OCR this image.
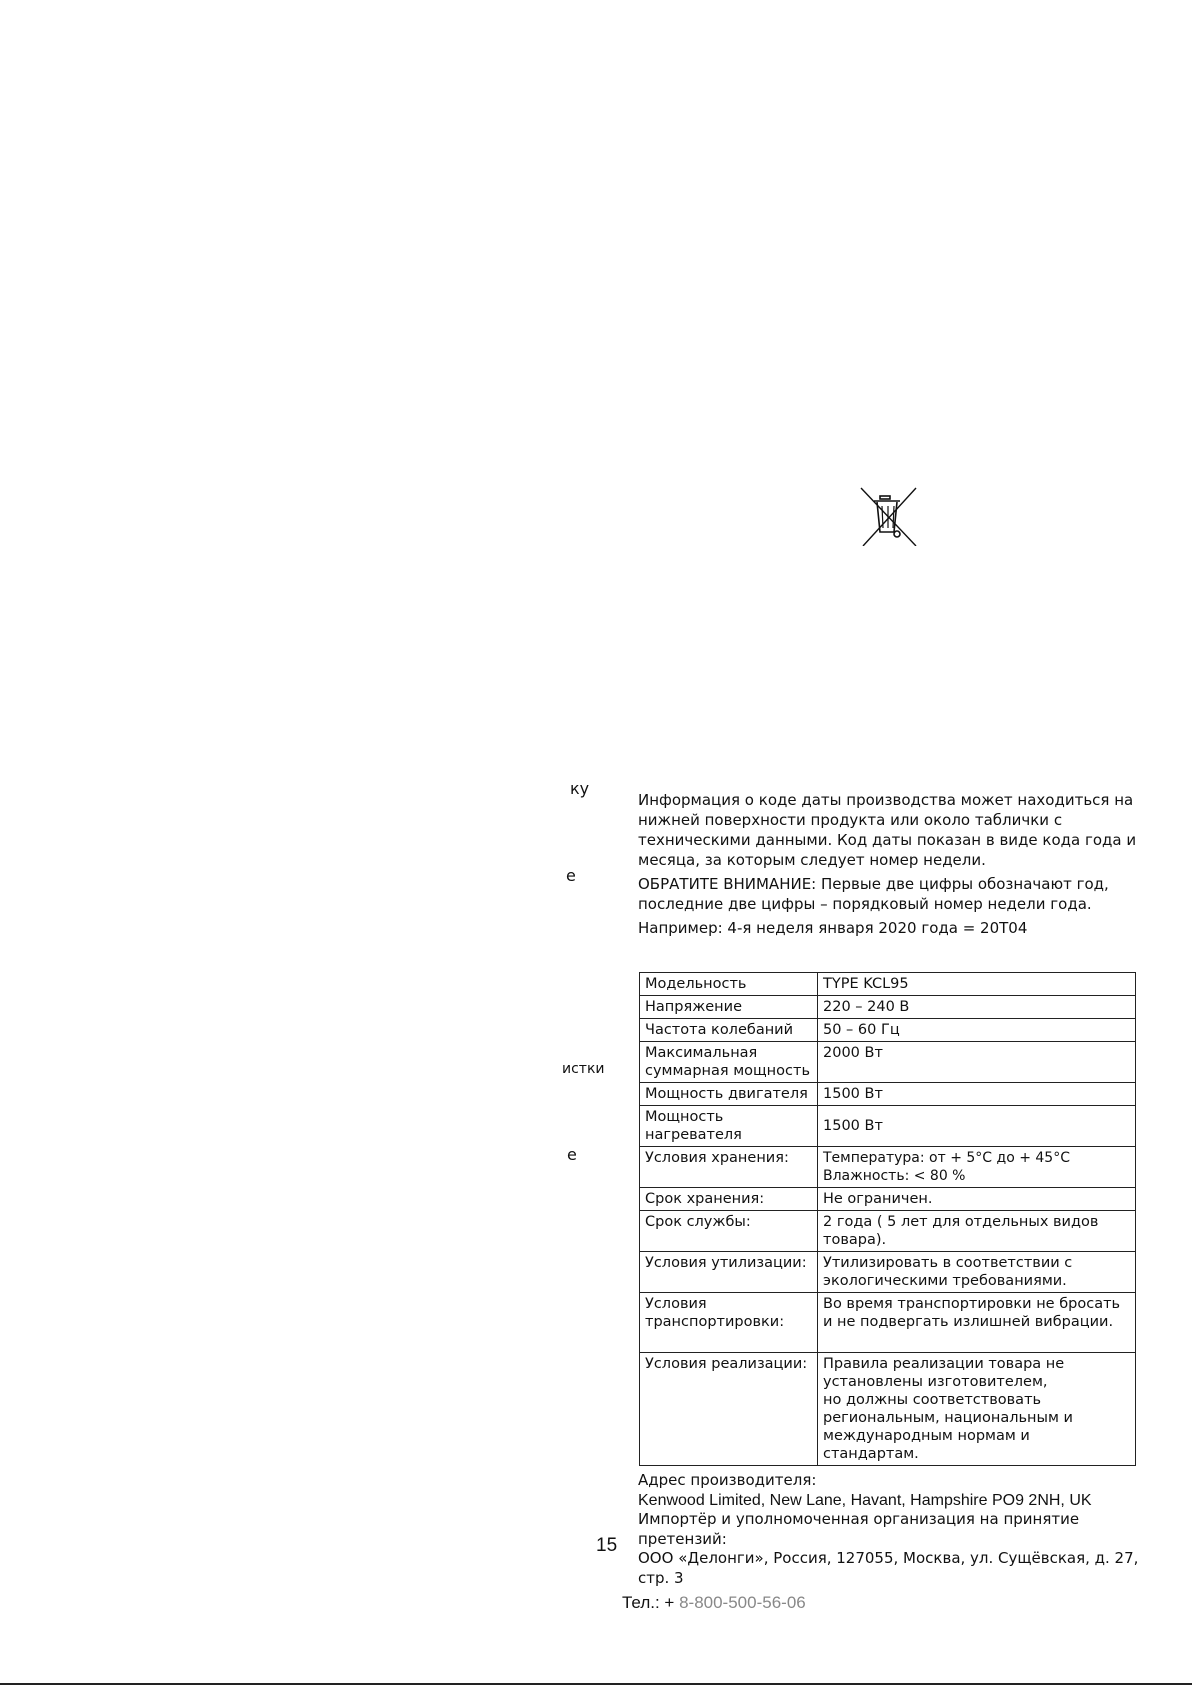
ку
е
истки
е

Информация о коде даты производства может находиться на нижней поверхности продукта или около таблички с техническими данными. Код даты показан в виде кода года и месяца, за которым следует номер недели.

ОБРАТИТЕ ВНИМАНИЕ: Первые две цифры обозначают год, последние две цифры – порядковый номер недели года.

Например: 4-я неделя января 2020 года = 20Т04

Модельность	TYPE KCL95
Напряжение	220 – 240 В
Частота колебаний	50 – 60 Гц
Максимальная суммарная мощность	2000 Вт
Мощность двигателя	1500 Вт
Мощность нагревателя	1500 Вт
Условия хранения:	Температура: от + 5°С до + 45°С
Влажность: < 80 %

Срок хранения:	Не ограничен.
Срок службы:	2 года ( 5 лет для отдельных видов товара).
Условия утилизации:	Утилизировать в соответствии с экологическими требованиями.
Условия транспортировки:	Во время транспортировки не бросать и не подвергать излишней вибрации.
Условия реализации:	Правила реализации товара не установлены изготовителем,
но должны соответствовать региональным, национальным и международным нормам и стандартам.
Адрес производителя:
Kenwood Limited, New Lane, Havant, Hampshire PO9 2NH, UK
Импортёр и уполномоченная организация на принятие
претензий:
ООО «Делонги», Россия, 127055, Москва, ул. Сущёвская, д. 27,
стр. 3
15
Тел.: + 8-800-500-56-06
